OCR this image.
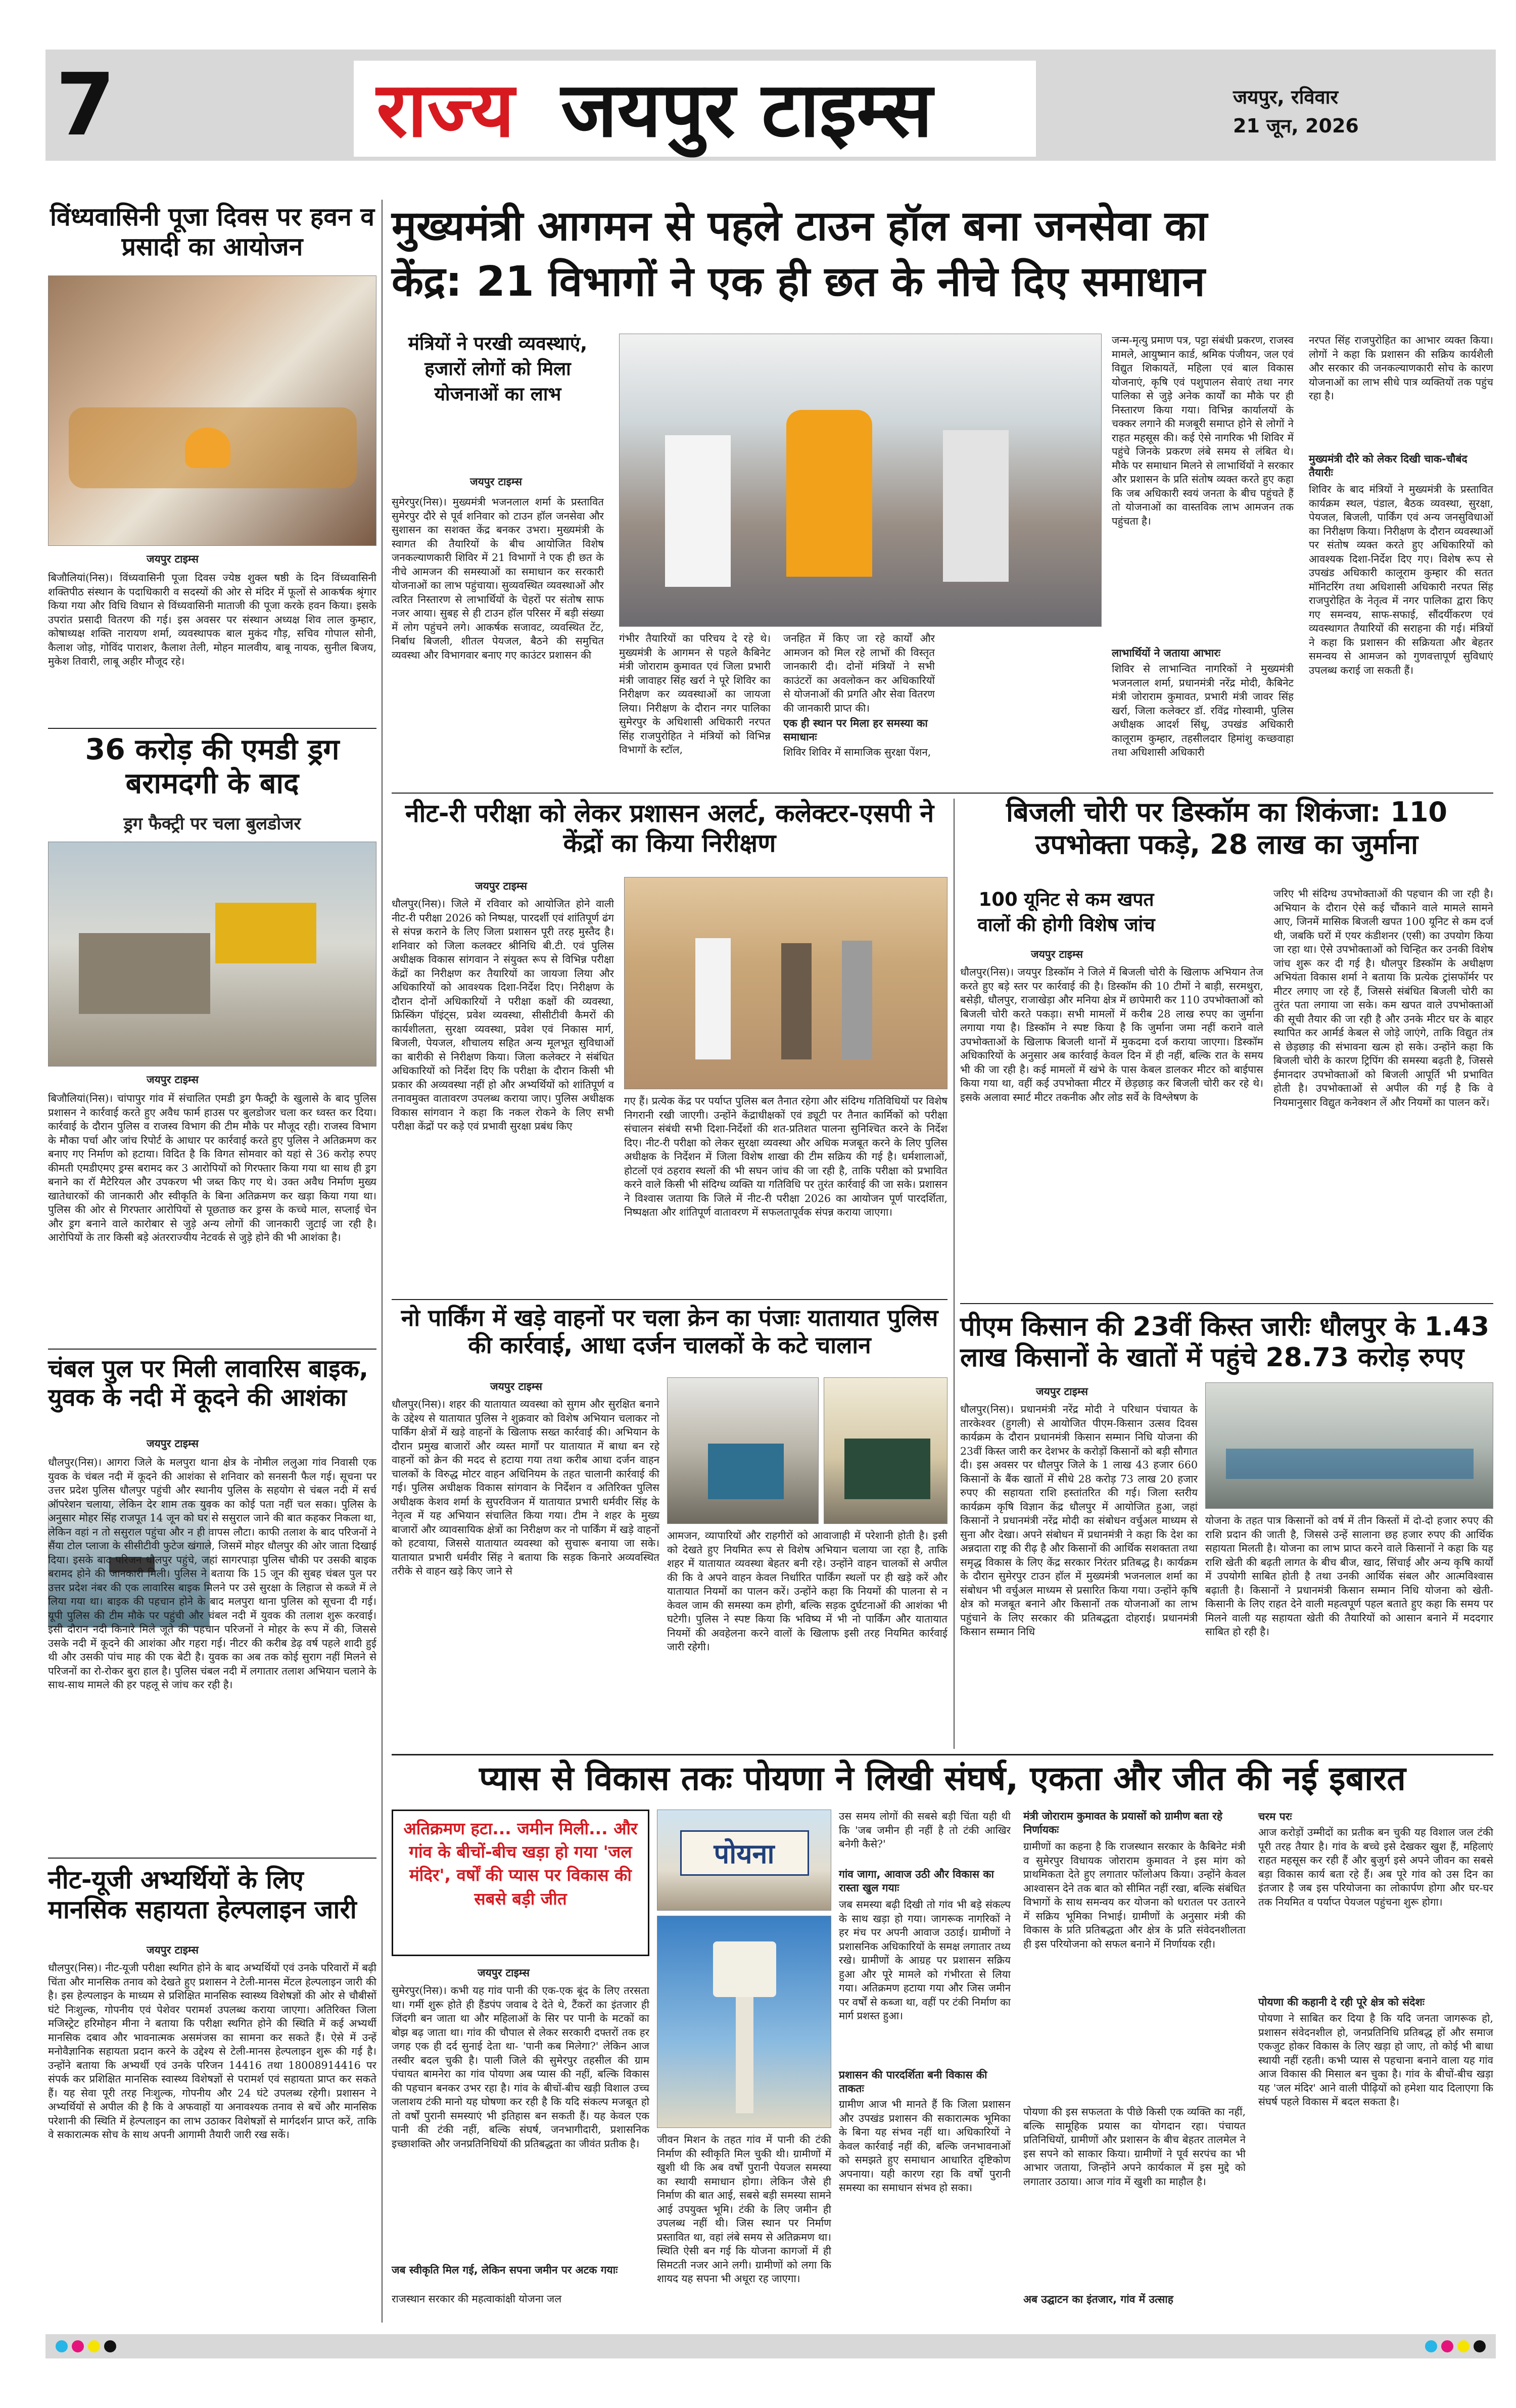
7	राज्य जयपुर टाइम्स	जयपुर, रविवार
21 जून, 2026
विंध्यवासिनी पूजा दिवस पर हवन व प्रसादी का आयोजन
जयपुर टाइम्स
बिजौलियां(निस)। विंध्यवासिनी पूजा दिवस ज्येष्ठ शुक्ल षष्ठी के दिन विंध्यवासिनी शक्तिपीठ संस्थान के पदाधिकारी व सदस्यों की ओर से मंदिर में फूलों से आकर्षक श्रृंगार किया गया और विधि विधान से विंध्यवासिनी माताजी की पूजा करके हवन किया। इसके उपरांत प्रसादी वितरण की गई। इस अवसर पर संस्थान अध्यक्ष शिव लाल कुम्हार, कोषाध्यक्ष शक्ति नारायण शर्मा, व्यवस्थापक बाल मुकंद गौड़, सचिव गोपाल सोनी, कैलाश जोड़, गोविंद पाराशर, कैलाश तेली, मोहन मालवीय, बाबू नायक, सुनील बिजय, मुकेश तिवारी, लाबू अहीर मौजूद रहे।
36 करोड़ की एमडी ड्रग बरामदगी के बाद
ड्रग फैक्ट्री पर चला बुलडोजर
जयपुर टाइम्स
बिजौलियां(निस)। चांपापुर गांव में संचालित एमडी ड्रग फैक्ट्री के खुलासे के बाद पुलिस प्रशासन ने कार्रवाई करते हुए अवैध फार्म हाउस पर बुलडोजर चला कर ध्वस्त कर दिया। कार्रवाई के दौरान पुलिस व राजस्व विभाग की टीम मौके पर मौजूद रही। राजस्व विभाग के मौका पर्चा और जांच रिपोर्ट के आधार पर कार्रवाई करते हुए पुलिस ने अतिक्रमण कर बनाए गए निर्माण को हटाया। विदित है कि विगत सोमवार को यहां से 36 करोड़ रुपए कीमती एमडीएमए ड्रग्स बरामद कर 3 आरोपियों को गिरफ्तार किया गया था साथ ही ड्रग बनाने का रॉ मैटेरियल और उपकरण भी जब्त किए गए थे। उक्त अवैध निर्माण मुख्य खातेधारकों की जानकारी और स्वीकृति के बिना अतिक्रमण कर खड़ा किया गया था। पुलिस की ओर से गिरफ्तार आरोपियों से पूछताछ कर ड्रग्स के कच्चे माल, सप्लाई चेन और ड्रग बनाने वाले कारोबार से जुड़े अन्य लोगों की जानकारी जुटाई जा रही है। आरोपियों के तार किसी बड़े अंतरराज्यीय नेटवर्क से जुड़े होने की भी आशंका है।
चंबल पुल पर मिली लावारिस बाइक, युवक के नदी में कूदने की आशंका
जयपुर टाइम्स
धौलपुर(निस)। आगरा जिले के मलपुरा थाना क्षेत्र के नोमील ललुआ गांव निवासी एक युवक के चंबल नदी में कूदने की आशंका से शनिवार को सनसनी फैल गई। सूचना पर उत्तर प्रदेश पुलिस धौलपुर पहुंची और स्थानीय पुलिस के सहयोग से चंबल नदी में सर्च ऑपरेशन चलाया, लेकिन देर शाम तक युवक का कोई पता नहीं चल सका। पुलिस के अनुसार मोहर सिंह राजपूत 14 जून को घर से ससुराल जाने की बात कहकर निकला था, लेकिन वहां न तो ससुराल पहुंचा और न ही वापस लौटा। काफी तलाश के बाद परिजनों ने सैंया टोल प्लाजा के सीसीटीवी फुटेज खंगाले, जिसमें मोहर धौलपुर की ओर जाता दिखाई दिया। इसके बाद परिजन धौलपुर पहुंचे, जहां सागरपाड़ा पुलिस चौकी पर उसकी बाइक बरामद होने की जानकारी मिली। पुलिस ने बताया कि 15 जून की सुबह चंबल पुल पर उत्तर प्रदेश नंबर की एक लावारिस बाइक मिलने पर उसे सुरक्षा के लिहाज से कब्जे में ले लिया गया था। बाइक की पहचान होने के बाद मलपुरा थाना पुलिस को सूचना दी गई। यूपी पुलिस की टीम मौके पर पहुंची और चंबल नदी में युवक की तलाश शुरू करवाई। इसी दौरान नदी किनारे मिले जूते की पहचान परिजनों ने मोहर के रूप में की, जिससे उसके नदी में कूदने की आशंका और गहरा गई। नीटर की करीब डेढ़ वर्ष पहले शादी हुई थी और उसकी पांच माह की एक बेटी है। युवक का अब तक कोई सुराग नहीं मिलने से परिजनों का रो-रोकर बुरा हाल है। पुलिस चंबल नदी में लगातार तलाश अभियान चलाने के साथ-साथ मामले की हर पहलू से जांच कर रही है।
नीट-यूजी अभ्यर्थियों के लिए मानसिक सहायता हेल्पलाइन जारी
जयपुर टाइम्स
धौलपुर(निस)। नीट-यूजी परीक्षा स्थगित होने के बाद अभ्यर्थियों एवं उनके परिवारों में बढ़ी चिंता और मानसिक तनाव को देखते हुए प्रशासन ने टेली-मानस मेंटल हेल्पलाइन जारी की है। इस हेल्पलाइन के माध्यम से प्रशिक्षित मानसिक स्वास्थ्य विशेषज्ञों की ओर से चौबीसों घंटे निःशुल्क, गोपनीय एवं पेशेवर परामर्श उपलब्ध कराया जाएगा। अतिरिक्त जिला मजिस्ट्रेट हरिमोहन मीना ने बताया कि परीक्षा स्थगित होने की स्थिति में कई अभ्यर्थी मानसिक दबाव और भावनात्मक असमंजस का सामना कर सकते हैं। ऐसे में उन्हें मनोवैज्ञानिक सहायता प्रदान करने के उद्देश्य से टेली-मानस हेल्पलाइन शुरू की गई है। उन्होंने बताया कि अभ्यर्थी एवं उनके परिजन 14416 तथा 18008914416 पर संपर्क कर प्रशिक्षित मानसिक स्वास्थ्य विशेषज्ञों से परामर्श एवं सहायता प्राप्त कर सकते हैं। यह सेवा पूरी तरह निःशुल्क, गोपनीय और 24 घंटे उपलब्ध रहेगी। प्रशासन ने अभ्यर्थियों से अपील की है कि वे अफवाहों या अनावश्यक तनाव से बचें और मानसिक परेशानी की स्थिति में हेल्पलाइन का लाभ उठाकर विशेषज्ञों से मार्गदर्शन प्राप्त करें, ताकि वे सकारात्मक सोच के साथ अपनी आगामी तैयारी जारी रख सकें।
मुख्यमंत्री आगमन से पहले टाउन हॉल बना जनसेवा का
केंद्र: 21 विभागों ने एक ही छत के नीचे दिए समाधान
मंत्रियों ने परखी व्यवस्थाएं, हजारों लोगों को मिला योजनाओं का लाभ
जयपुर टाइम्स
सुमेरपुर(निस)। मुख्यमंत्री भजनलाल शर्मा के प्रस्तावित सुमेरपुर दौरे से पूर्व शनिवार को टाउन हॉल जनसेवा और सुशासन का सशक्त केंद्र बनकर उभरा। मुख्यमंत्री के स्वागत की तैयारियों के बीच आयोजित विशेष जनकल्याणकारी शिविर में 21 विभागों ने एक ही छत के नीचे आमजन की समस्याओं का समाधान कर सरकारी योजनाओं का लाभ पहुंचाया। सुव्यवस्थित व्यवस्थाओं और त्वरित निस्तारण से लाभार्थियों के चेहरों पर संतोष साफ नजर आया। सुबह से ही टाउन हॉल परिसर में बड़ी संख्या में लोग पहुंचने लगे। आकर्षक सजावट, व्यवस्थित टेंट, निर्बाध बिजली, शीतल पेयजल, बैठने की समुचित व्यवस्था और विभागवार बनाए गए काउंटर प्रशासन की
गंभीर तैयारियों का परिचय दे रहे थे। मुख्यमंत्री के आगमन से पहले कैबिनेट मंत्री जोराराम कुमावत एवं जिला प्रभारी मंत्री जावाहर सिंह खर्रा ने पूरे शिविर का निरीक्षण कर व्यवस्थाओं का जायजा लिया। निरीक्षण के दौरान नगर पालिका सुमेरपुर के अधिशासी अधिकारी नरपत सिंह राजपुरोहित ने मंत्रियों को विभिन्न विभागों के स्टॉल,
जनहित में किए जा रहे कार्यों और आमजन को मिल रहे लाभों की विस्तृत जानकारी दी। दोनों मंत्रियों ने सभी काउंटरों का अवलोकन कर अधिकारियों से योजनाओं की प्रगति और सेवा वितरण की जानकारी प्राप्त की।
एक ही स्थान पर मिला हर समस्या का समाधानः
शिविर शिविर में सामाजिक सुरक्षा पेंशन,
जन्म-मृत्यु प्रमाण पत्र, पट्टा संबंधी प्रकरण, राजस्व मामले, आयुष्मान कार्ड, श्रमिक पंजीयन, जल एवं विद्युत शिकायतें, महिला एवं बाल विकास योजनाएं, कृषि एवं पशुपालन सेवाएं तथा नगर पालिका से जुड़े अनेक कार्यों का मौके पर ही निस्तारण किया गया। विभिन्न कार्यालयों के चक्कर लगाने की मजबूरी समाप्त होने से लोगों ने राहत महसूस की। कई ऐसे नागरिक भी शिविर में पहुंचे जिनके प्रकरण लंबे समय से लंबित थे। मौके पर समाधान मिलने से लाभार्थियों ने सरकार और प्रशासन के प्रति संतोष व्यक्त करते हुए कहा कि जब अधिकारी स्वयं जनता के बीच पहुंचते हैं तो योजनाओं का वास्तविक लाभ आमजन तक पहुंचता है।
लाभार्थियों ने जताया आभारः
शिविर से लाभान्वित नागरिकों ने मुख्यमंत्री भजनलाल शर्मा, प्रधानमंत्री नरेंद्र मोदी, कैबिनेट मंत्री जोराराम कुमावत, प्रभारी मंत्री जावर सिंह खर्रा, जिला कलेक्टर डॉ. रविंद्र गोस्वामी, पुलिस अधीक्षक आदर्श सिंधू, उपखंड अधिकारी कालूराम कुम्हार, तहसीलदार हिमांशु कच्छवाहा तथा अधिशासी अधिकारी
नरपत सिंह राजपुरोहित का आभार व्यक्त किया। लोगों ने कहा कि प्रशासन की सक्रिय कार्यशैली और सरकार की जनकल्याणकारी सोच के कारण योजनाओं का लाभ सीधे पात्र व्यक्तियों तक पहुंच रहा है।
मुख्यमंत्री दौरे को लेकर दिखी चाक-चौबंद तैयारीः
शिविर के बाद मंत्रियों ने मुख्यमंत्री के प्रस्तावित कार्यक्रम स्थल, पंडाल, बैठक व्यवस्था, सुरक्षा, पेयजल, बिजली, पार्किंग एवं अन्य जनसुविधाओं का निरीक्षण किया। निरीक्षण के दौरान व्यवस्थाओं पर संतोष व्यक्त करते हुए अधिकारियों को आवश्यक दिशा-निर्देश दिए गए। विशेष रूप से उपखंड अधिकारी कालूराम कुम्हार की सतत मॉनिटरिंग तथा अधिशासी अधिकारी नरपत सिंह राजपुरोहित के नेतृत्व में नगर पालिका द्वारा किए गए समन्वय, साफ-सफाई, सौंदर्यीकरण एवं व्यवस्थागत तैयारियों की सराहना की गई। मंत्रियों ने कहा कि प्रशासन की सक्रियता और बेहतर समन्वय से आमजन को गुणवत्तापूर्ण सुविधाएं उपलब्ध कराई जा सकती हैं।
नीट-री परीक्षा को लेकर प्रशासन अलर्ट, कलेक्टर-एसपी ने केंद्रों का किया निरीक्षण
जयपुर टाइम्स
धौलपुर(निस)। जिले में रविवार को आयोजित होने वाली नीट-री परीक्षा 2026 को निष्पक्ष, पारदर्शी एवं शांतिपूर्ण ढंग से संपन्न कराने के लिए जिला प्रशासन पूरी तरह मुस्तैद है। शनिवार को जिला कलक्टर श्रीनिधि बी.टी. एवं पुलिस अधीक्षक विकास सांगवान ने संयुक्त रूप से विभिन्न परीक्षा केंद्रों का निरीक्षण कर तैयारियों का जायजा लिया और अधिकारियों को आवश्यक दिशा-निर्देश दिए। निरीक्षण के दौरान दोनों अधिकारियों ने परीक्षा कक्षों की व्यवस्था, फ्रिस्किंग पॉइंट्स, प्रवेश व्यवस्था, सीसीटीवी कैमरों की कार्यशीलता, सुरक्षा व्यवस्था, प्रवेश एवं निकास मार्ग, बिजली, पेयजल, शौचालय सहित अन्य मूलभूत सुविधाओं का बारीकी से निरीक्षण किया। जिला कलेक्टर ने संबंधित अधिकारियों को निर्देश दिए कि परीक्षा के दौरान किसी भी प्रकार की अव्यवस्था नहीं हो और अभ्यर्थियों को शांतिपूर्ण व तनावमुक्त वातावरण उपलब्ध कराया जाए। पुलिस अधीक्षक विकास सांगवान ने कहा कि नकल रोकने के लिए सभी परीक्षा केंद्रों पर कड़े एवं प्रभावी सुरक्षा प्रबंध किए
गए हैं। प्रत्येक केंद्र पर पर्याप्त पुलिस बल तैनात रहेगा और संदिग्ध गतिविधियों पर विशेष निगरानी रखी जाएगी। उन्होंने केंद्राधीक्षकों एवं ड्यूटी पर तैनात कार्मिकों को परीक्षा संचालन संबंधी सभी दिशा-निर्देशों की शत-प्रतिशत पालना सुनिश्चित करने के निर्देश दिए। नीट-री परीक्षा को लेकर सुरक्षा व्यवस्था और अधिक मजबूत करने के लिए पुलिस अधीक्षक के निर्देशन में जिला विशेष शाखा की टीम सक्रिय की गई है। धर्मशालाओं, होटलों एवं ठहराव स्थलों की भी सघन जांच की जा रही है, ताकि परीक्षा को प्रभावित करने वाले किसी भी संदिग्ध व्यक्ति या गतिविधि पर तुरंत कार्रवाई की जा सके। प्रशासन ने विश्वास जताया कि जिले में नीट-री परीक्षा 2026 का आयोजन पूर्ण पारदर्शिता, निष्पक्षता और शांतिपूर्ण वातावरण में सफलतापूर्वक संपन्न कराया जाएगा।
बिजली चोरी पर डिस्कॉम का शिकंजा: 110 उपभोक्ता पकड़े, 28 लाख का जुर्माना
100 यूनिट से कम खपत वालों की होगी विशेष जांच
जयपुर टाइम्स
धौलपुर(निस)। जयपुर डिस्कॉम ने जिले में बिजली चोरी के खिलाफ अभियान तेज करते हुए बड़े स्तर पर कार्रवाई की है। डिस्कॉम की 10 टीमों ने बाड़ी, सरमथुरा, बसेड़ी, धौलपुर, राजाखेड़ा और मनिया क्षेत्र में छापेमारी कर 110 उपभोक्ताओं को बिजली चोरी करते पकड़ा। सभी मामलों में करीब 28 लाख रुपए का जुर्माना लगाया गया है। डिस्कॉम ने स्पष्ट किया है कि जुर्माना जमा नहीं कराने वाले उपभोक्ताओं के खिलाफ बिजली थानों में मुकदमा दर्ज कराया जाएगा। डिस्कॉम अधिकारियों के अनुसार अब कार्रवाई केवल दिन में ही नहीं, बल्कि रात के समय भी की जा रही है। कई मामलों में खंभे के पास केबल डालकर मीटर को बाईपास किया गया था, वहीं कई उपभोक्ता मीटर में छेड़छाड़ कर बिजली चोरी कर रहे थे। इसके अलावा स्मार्ट मीटर तकनीक और लोड सर्वे के विश्लेषण के
जरिए भी संदिग्ध उपभोक्ताओं की पहचान की जा रही है। अभियान के दौरान ऐसे कई चौंकाने वाले मामले सामने आए, जिनमें मासिक बिजली खपत 100 यूनिट से कम दर्ज थी, जबकि घरों में एयर कंडीशनर (एसी) का उपयोग किया जा रहा था। ऐसे उपभोक्ताओं को चिन्हित कर उनकी विशेष जांच शुरू कर दी गई है। धौलपुर डिस्कॉम के अधीक्षण अभियंता विकास शर्मा ने बताया कि प्रत्येक ट्रांसफॉर्मर पर मीटर लगाए जा रहे हैं, जिससे संबंधित बिजली चोरी का तुरंत पता लगाया जा सके। कम खपत वाले उपभोक्ताओं की सूची तैयार की जा रही है और उनके मीटर घर के बाहर स्थापित कर आर्मर्ड केबल से जोड़े जाएंगे, ताकि विद्युत तंत्र से छेड़छाड़ की संभावना खत्म हो सके। उन्होंने कहा कि बिजली चोरी के कारण ट्रिपिंग की समस्या बढ़ती है, जिससे ईमानदार उपभोक्ताओं को बिजली आपूर्ति भी प्रभावित होती है। उपभोक्ताओं से अपील की गई है कि वे नियमानुसार विद्युत कनेक्शन लें और नियमों का पालन करें।
पीएम किसान की 23वीं किस्त जारीः धौलपुर के 1.43 लाख किसानों के खातों में पहुंचे 28.73 करोड़ रुपए
जयपुर टाइम्स
धौलपुर(निस)। प्रधानमंत्री नरेंद्र मोदी ने परिधान पंचायत के तारकेश्वर (हुगली) से आयोजित पीएम-किसान उत्सव दिवस कार्यक्रम के दौरान प्रधानमंत्री किसान सम्मान निधि योजना की 23वीं किस्त जारी कर देशभर के करोड़ों किसानों को बड़ी सौगात दी। इस अवसर पर धौलपुर जिले के 1 लाख 43 हजार 660 किसानों के बैंक खातों में सीधे 28 करोड़ 73 लाख 20 हजार रुपए की सहायता राशि हस्तांतरित की गई। जिला स्तरीय कार्यक्रम कृषि विज्ञान केंद्र धौलपुर में आयोजित हुआ, जहां किसानों ने प्रधानमंत्री नरेंद्र मोदी का संबोधन वर्चुअल माध्यम से सुना और देखा। अपने संबोधन में प्रधानमंत्री ने कहा कि देश का अन्नदाता राष्ट्र की रीढ़ है और किसानों की आर्थिक सशक्तता तथा समृद्ध विकास के लिए केंद्र सरकार निरंतर प्रतिबद्ध है। कार्यक्रम के दौरान सुमेरपुर टाउन हॉल में मुख्यमंत्री भजनलाल शर्मा का संबोधन भी वर्चुअल माध्यम से प्रसारित किया गया। उन्होंने कृषि क्षेत्र को मजबूत बनाने और किसानों तक योजनाओं का लाभ पहुंचाने के लिए सरकार की प्रतिबद्धता दोहराई। प्रधानमंत्री किसान सम्मान निधि
योजना के तहत पात्र किसानों को वर्ष में तीन किस्तों में दो-दो हजार रुपए की राशि प्रदान की जाती है, जिससे उन्हें सालाना छह हजार रुपए की आर्थिक सहायता मिलती है। योजना का लाभ प्राप्त करने वाले किसानों ने कहा कि यह राशि खेती की बढ़ती लागत के बीच बीज, खाद, सिंचाई और अन्य कृषि कार्यों में उपयोगी साबित होती है तथा उनकी आर्थिक संबल और आत्मविश्वास बढ़ाती है। किसानों ने प्रधानमंत्री किसान सम्मान निधि योजना को खेती-किसानी के लिए राहत देने वाली महत्वपूर्ण पहल बताते हुए कहा कि समय पर मिलने वाली यह सहायता खेती की तैयारियों को आसान बनाने में मददगार साबित हो रही है।
नो पार्किंग में खड़े वाहनों पर चला क्रेन का पंजाः यातायात पुलिस की कार्रवाई, आधा दर्जन चालकों के कटे चालान
जयपुर टाइम्स
धौलपुर(निस)। शहर की यातायात व्यवस्था को सुगम और सुरक्षित बनाने के उद्देश्य से यातायात पुलिस ने शुक्रवार को विशेष अभियान चलाकर नो पार्किंग क्षेत्रों में खड़े वाहनों के खिलाफ सख्त कार्रवाई की। अभियान के दौरान प्रमुख बाजारों और व्यस्त मार्गों पर यातायात में बाधा बन रहे वाहनों को क्रेन की मदद से हटाया गया तथा करीब आधा दर्जन वाहन चालकों के विरुद्ध मोटर वाहन अधिनियम के तहत चालानी कार्रवाई की गई। पुलिस अधीक्षक विकास सांगवान के निर्देशन व अतिरिक्त पुलिस अधीक्षक केशव शर्मा के सुपरविजन में यातायात प्रभारी धर्मवीर सिंह के नेतृत्व में यह अभियान संचालित किया गया। टीम ने शहर के मुख्य बाजारों और व्यावसायिक क्षेत्रों का निरीक्षण कर नो पार्किंग में खड़े वाहनों को हटवाया, जिससे यातायात व्यवस्था को सुचारू बनाया जा सके। यातायात प्रभारी धर्मवीर सिंह ने बताया कि सड़क किनारे अव्यवस्थित तरीके से वाहन खड़े किए जाने से
आमजन, व्यापारियों और राहगीरों को आवाजाही में परेशानी होती है। इसी को देखते हुए नियमित रूप से विशेष अभियान चलाया जा रहा है, ताकि शहर में यातायात व्यवस्था बेहतर बनी रहे। उन्होंने वाहन चालकों से अपील की कि वे अपने वाहन केवल निर्धारित पार्किंग स्थलों पर ही खड़े करें और यातायात नियमों का पालन करें। उन्होंने कहा कि नियमों की पालना से न केवल जाम की समस्या कम होगी, बल्कि सड़क दुर्घटनाओं की आशंका भी घटेगी। पुलिस ने स्पष्ट किया कि भविष्य में भी नो पार्किंग और यातायात नियमों की अवहेलना करने वालों के खिलाफ इसी तरह नियमित कार्रवाई जारी रहेगी।
प्यास से विकास तकः पोयणा ने लिखी संघर्ष, एकता और जीत की नई इबारत
अतिक्रमण हटा... जमीन मिली... और गांव के बीचों-बीच खड़ा हो गया 'जल मंदिर', वर्षों की प्यास पर विकास की सबसे बड़ी जीत
जयपुर टाइम्स
सुमेरपुर(निस)। कभी यह गांव पानी की एक-एक बूंद के लिए तरसता था। गर्मी शुरू होते ही हैंडपंप जवाब दे देते थे, टैंकरों का इंतजार ही जिंदगी बन जाता था और महिलाओं के सिर पर पानी के मटकों का बोझ बढ़ जाता था। गांव की चौपाल से लेकर सरकारी दफ्तरों तक हर जगह एक ही दर्द सुनाई देता था- 'पानी कब मिलेगा?' लेकिन आज तस्वीर बदल चुकी है। पाली जिले की सुमेरपुर तहसील की ग्राम पंचायत बामनेरा का गांव पोयणा अब प्यास की नहीं, बल्कि विकास की पहचान बनकर उभर रहा है। गांव के बीचों-बीच खड़ी विशाल उच्च जलाशय टंकी मानो यह घोषणा कर रही है कि यदि संकल्प मजबूत हो तो वर्षों पुरानी समस्याएं भी इतिहास बन सकती हैं। यह केवल एक पानी की टंकी नहीं, बल्कि संघर्ष, जनभागीदारी, प्रशासनिक इच्छाशक्ति और जनप्रतिनिधियों की प्रतिबद्धता का जीवंत प्रतीक है।
जब स्वीकृति मिल गई, लेकिन सपना जमीन पर अटक गयाः
राजस्थान सरकार की महत्वाकांक्षी योजना जल
पोयना
जीवन मिशन के तहत गांव में पानी की टंकी निर्माण की स्वीकृति मिल चुकी थी। ग्रामीणों में खुशी थी कि अब वर्षों पुरानी पेयजल समस्या का स्थायी समाधान होगा। लेकिन जैसे ही निर्माण की बात आई, सबसे बड़ी समस्या सामने आई उपयुक्त भूमि। टंकी के लिए जमीन ही उपलब्ध नहीं थी। जिस स्थान पर निर्माण प्रस्तावित था, वहां लंबे समय से अतिक्रमण था। स्थिति ऐसी बन गई कि योजना कागजों में ही सिमटती नजर आने लगी। ग्रामीणों को लगा कि शायद यह सपना भी अधूरा रह जाएगा।
उस समय लोगों की सबसे बड़ी चिंता यही थी कि 'जब जमीन ही नहीं है तो टंकी आखिर बनेगी कैसे?'
गांव जागा, आवाज उठी और विकास का रास्ता खुल गयाः
जब समस्या बढ़ी दिखी तो गांव भी बड़े संकल्प के साथ खड़ा हो गया। जागरूक नागरिकों ने हर मंच पर अपनी आवाज उठाई। ग्रामीणों ने प्रशासनिक अधिकारियों के समक्ष लगातार तथ्य रखे। ग्रामीणों के आग्रह पर प्रशासन सक्रिय हुआ और पूरे मामले को गंभीरता से लिया गया। अतिक्रमण हटाया गया और जिस जमीन पर वर्षों से कब्जा था, वहीं पर टंकी निर्माण का मार्ग प्रशस्त हुआ।
प्रशासन की पारदर्शिता बनी विकास की ताकतः
ग्रामीण आज भी मानते हैं कि जिला प्रशासन और उपखंड प्रशासन की सकारात्मक भूमिका के बिना यह संभव नहीं था। अधिकारियों ने केवल कार्रवाई नहीं की, बल्कि जनभावनाओं को समझते हुए समाधान आधारित दृष्टिकोण अपनाया। यही कारण रहा कि वर्षों पुरानी समस्या का समाधान संभव हो सका।
मंत्री जोराराम कुमावत के प्रयासों को ग्रामीण बता रहे निर्णायकः
ग्रामीणों का कहना है कि राजस्थान सरकार के कैबिनेट मंत्री व सुमेरपुर विधायक जोराराम कुमावत ने इस मांग को प्राथमिकता देते हुए लगातार फॉलोअप किया। उन्होंने केवल आश्वासन देने तक बात को सीमित नहीं रखा, बल्कि संबंधित विभागों के साथ समन्वय कर योजना को धरातल पर उतारने में सक्रिय भूमिका निभाई। ग्रामीणों के अनुसार मंत्री की विकास के प्रति प्रतिबद्धता और क्षेत्र के प्रति संवेदनशीलता ही इस परियोजना को सफल बनाने में निर्णायक रही।
पोयणा की इस सफलता के पीछे किसी एक व्यक्ति का नहीं, बल्कि सामूहिक प्रयास का योगदान रहा। पंचायत प्रतिनिधियों, ग्रामीणों और प्रशासन के बीच बेहतर तालमेल ने इस सपने को साकार किया। ग्रामीणों ने पूर्व सरपंच का भी आभार जताया, जिन्होंने अपने कार्यकाल में इस मुद्दे को लगातार उठाया। आज गांव में खुशी का माहौल है।
अब उद्घाटन का इंतजार, गांव में उत्साह
चरम परः
आज करोड़ों उम्मीदों का प्रतीक बन चुकी यह विशाल जल टंकी पूरी तरह तैयार है। गांव के बच्चे इसे देखकर खुश हैं, महिलाएं राहत महसूस कर रही हैं और बुजुर्ग इसे अपने जीवन का सबसे बड़ा विकास कार्य बता रहे हैं। अब पूरे गांव को उस दिन का इंतजार है जब इस परियोजना का लोकार्पण होगा और घर-घर तक नियमित व पर्याप्त पेयजल पहुंचना शुरू होगा।
पोयणा की कहानी दे रही पूरे क्षेत्र को संदेशः
पोयणा ने साबित कर दिया है कि यदि जनता जागरूक हो, प्रशासन संवेदनशील हो, जनप्रतिनिधि प्रतिबद्ध हों और समाज एकजुट होकर विकास के लिए खड़ा हो जाए, तो कोई भी बाधा स्थायी नहीं रहती। कभी प्यास से पहचाना बनाने वाला यह गांव आज विकास की मिसाल बन चुका है। गांव के बीचों-बीच खड़ा यह 'जल मंदिर' आने वाली पीढ़ियों को हमेशा याद दिलाएगा कि संघर्ष पहले विकास में बदल सकता है।
